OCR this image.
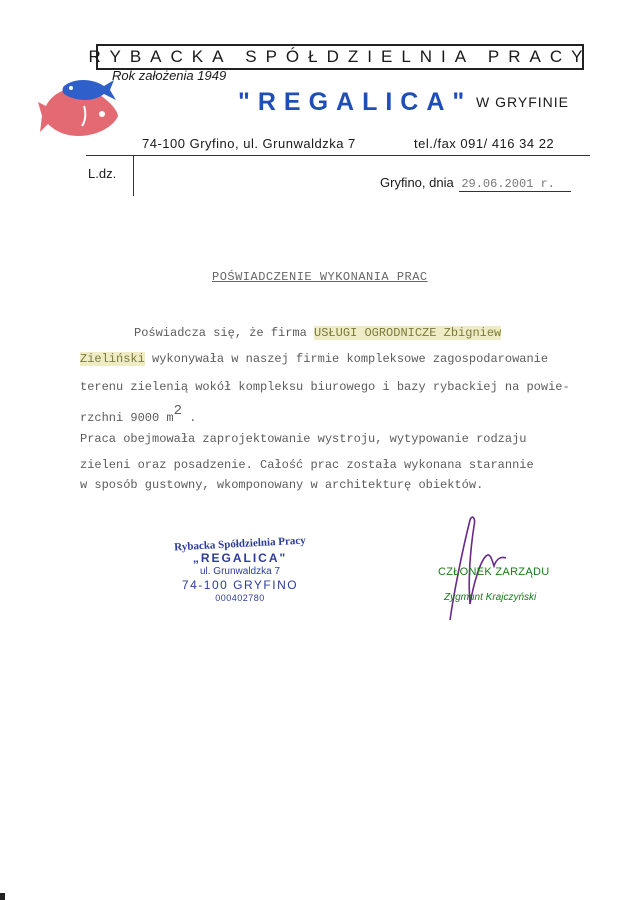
RYBACKA SPÓŁDZIELNIA PRACY
Rok założenia 1949
"REGALICA" W GRYFINIE
74-100 Gryfino, ul. Grunwaldzka 7	tel./fax 091/ 416 34 22
L.dz.
Gryfino, dnia 29.06.2001 r.
POŚWIADCZENIE WYKONANIA PRAC
Poświadcza się, że firma USŁUGI OGRODNICZE Zbigniew
Zieliński wykonywała w naszej firmie kompleksowe zagospodarowanie
terenu zielenią wokół kompleksu biurowego i bazy rybackiej na powie-
rzchni 9000 $m^2$ .
Praca obejmowała zaprojektowanie wystroju, wytypowanie rodzaju
zieleni oraz posadzenie. Całość prac została wykonana starannie
w sposób gustowny, wkomponowany w architekturę obiektów.
Rybacka Spółdzielnia Pracy
„REGALICA"
ul. Grunwaldzka 7
74-100 GRYFINO
000402780
CZŁONEK ZARZĄDU
Zygmunt Krajczyński
